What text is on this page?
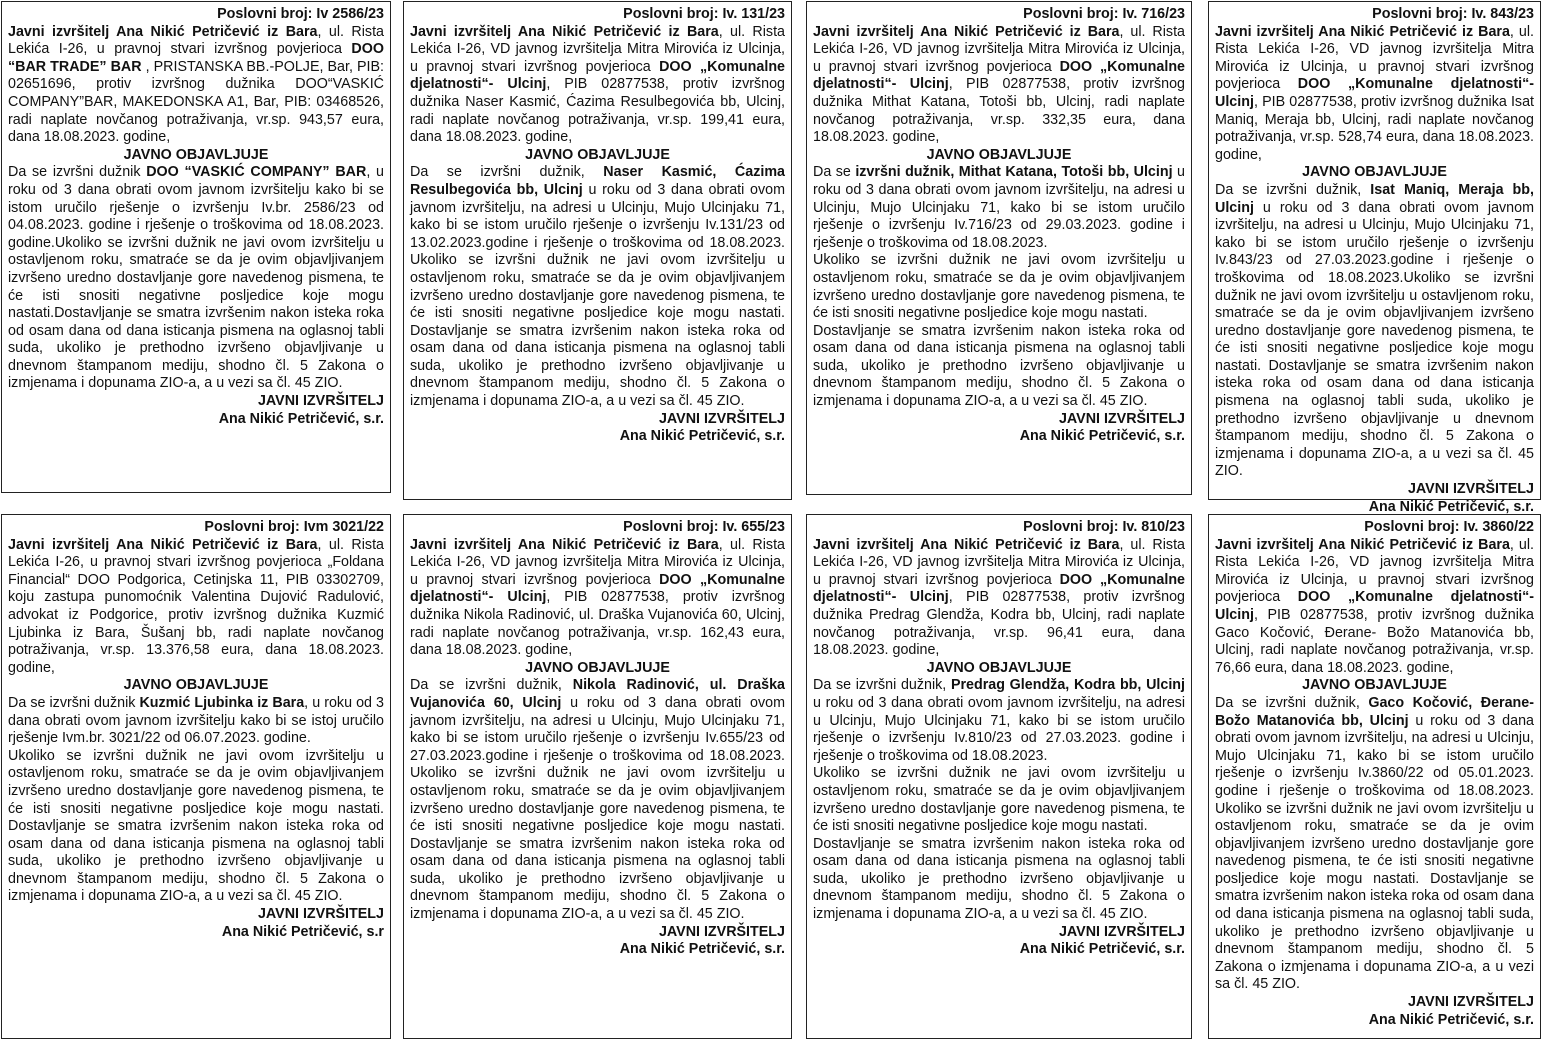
Poslovni broj: Iv 2586/23

Javni izvršitelj Ana Nikić Petričević iz Bara, ul. Rista Lekića I-26, u pravnoj stvari izvršnog povjerioca DOO “BAR TRADE” BAR , PRISTANSKA BB.-POLJE, Bar, PIB: 02651696, protiv izvršnog dužnika DOO“VASKIĆ COMPANY”BAR, MAKEDONSKA A1, Bar, PIB: 03468526, radi naplate novčanog potraživanja, vr.sp. 943,57 eura, dana 18.08.2023. godine,

JAVNO OBJAVLJUJE

Da se izvršni dužnik DOO “VASKIĆ COMPANY” BAR, u roku od 3 dana obrati ovom javnom izvršitelju kako bi se istom uručilo rješenje o izvršenju Iv.br. 2586/23 od 04.08.2023. godine i rješenje o troškovima od 18.08.2023. godine.Ukoliko se izvršni dužnik ne javi ovom izvršitelju u ostavljenom roku, smatraće se da je ovim objavljivanjem izvršeno uredno dostavljanje gore navedenog pismena, te će isti snositi negativne posljedice koje mogu nastati.Dostavljanje se smatra izvršenim nakon isteka roka od osam dana od dana isticanja pismena na oglasnoj tabli suda, ukoliko je prethodno izvršeno objavljivanje u dnevnom štampanom mediju, shodno čl. 5 Zakona o izmjenama i dopunama ZIO-a, a u vezi sa čl. 45 ZIO.

JAVNI IZVRŠITELJ

Ana Nikić Petričević, s.r.

Poslovni broj: Iv. 131/23

Javni izvršitelj Ana Nikić Petričević iz Bara, ul. Rista Lekića I-26, VD javnog izvršitelja Mitra Mirovića iz Ulcinja, u pravnoj stvari izvršnog povjerioca DOO „Komunalne djelatnosti“- Ulcinj, PIB 02877538, protiv izvršnog dužnika Naser Kasmić, Ćazima Resulbegovića bb, Ulcinj, radi naplate novčanog potraživanja, vr.sp. 199,41 eura, dana 18.08.2023. godine,

JAVNO OBJAVLJUJE

Da se izvršni dužnik, Naser Kasmić, Ćazima Resulbegovića bb, Ulcinj u roku od 3 dana obrati ovom javnom izvršitelju, na adresi u Ulcinju, Mujo Ulcinjaku 71, kako bi se istom uručilo rješenje o izvršenju Iv.131/23 od 13.02.2023.godine i rješenje o troškovima od 18.08.2023. Ukoliko se izvršni dužnik ne javi ovom izvršitelju u ostavljenom roku, smatraće se da je ovim objavljivanjem izvršeno uredno dostavljanje gore navedenog pismena, te će isti snositi negativne posljedice koje mogu nastati. Dostavljanje se smatra izvršenim nakon isteka roka od osam dana od dana isticanja pismena na oglasnoj tabli suda, ukoliko je prethodno izvršeno objavljivanje u dnevnom štampanom mediju, shodno čl. 5 Zakona o izmjenama i dopunama ZIO-a, a u vezi sa čl. 45 ZIO.

JAVNI IZVRŠITELJ

Ana Nikić Petričević, s.r.

Poslovni broj: Iv. 716/23

Javni izvršitelj Ana Nikić Petričević iz Bara, ul. Rista Lekića I-26, VD javnog izvršitelja Mitra Mirovića iz Ulcinja, u pravnoj stvari izvršnog povjerioca DOO „Komunalne djelatnosti“- Ulcinj, PIB 02877538, protiv izvršnog dužnika Mithat Katana, Totoši bb, Ulcinj, radi naplate novčanog potraživanja, vr.sp. 332,35 eura, dana 18.08.2023. godine,

JAVNO OBJAVLJUJE

Da se izvršni dužnik, Mithat Katana, Totoši bb, Ulcinj u roku od 3 dana obrati ovom javnom izvršitelju, na adresi u Ulcinju, Mujo Ulcinjaku 71, kako bi se istom uručilo rješenje o izvršenju Iv.716/23 od 29.03.2023. godine i rješenje o troškovima od 18.08.2023.

Ukoliko se izvršni dužnik ne javi ovom izvršitelju u ostavljenom roku, smatraće se da je ovim objavljivanjem izvršeno uredno dostavljanje gore navedenog pismena, te će isti snositi negativne posljedice koje mogu nastati.

Dostavljanje se smatra izvršenim nakon isteka roka od osam dana od dana isticanja pismena na oglasnoj tabli suda, ukoliko je prethodno izvršeno objavljivanje u dnevnom štampanom mediju, shodno čl. 5 Zakona o izmjenama i dopunama ZIO-a, a u vezi sa čl. 45 ZIO.

JAVNI IZVRŠITELJ

Ana Nikić Petričević, s.r.

Poslovni broj: Iv. 843/23

Javni izvršitelj Ana Nikić Petričević iz Bara, ul. Rista Lekića I-26, VD javnog izvršitelja Mitra Mirovića iz Ulcinja, u pravnoj stvari izvršnog povjerioca DOO „Komunalne djelatnosti“- Ulcinj, PIB 02877538, protiv izvršnog dužnika Isat Maniq, Meraja bb, Ulcinj, radi naplate novčanog potraživanja, vr.sp. 528,74 eura, dana 18.08.2023. godine,

JAVNO OBJAVLJUJE

Da se izvršni dužnik, Isat Maniq, Meraja bb, Ulcinj u roku od 3 dana obrati ovom javnom izvršitelju, na adresi u Ulcinju, Mujo Ulcinjaku 71, kako bi se istom uručilo rješenje o izvršenju Iv.843/23 od 27.03.2023.godine i rješenje o troškovima od 18.08.2023.Ukoliko se izvršni dužnik ne javi ovom izvršitelju u ostavljenom roku, smatraće se da je ovim objavljivanjem izvršeno uredno dostavljanje gore navedenog pismena, te će isti snositi negativne posljedice koje mogu nastati. Dostavljanje se smatra izvršenim nakon isteka roka od osam dana od dana isticanja pismena na oglasnoj tabli suda, ukoliko je prethodno izvršeno objavljivanje u dnevnom štampanom mediju, shodno čl. 5 Zakona o izmjenama i dopunama ZIO-a, a u vezi sa čl. 45 ZIO.

JAVNI IZVRŠITELJ

Ana Nikić Petričević, s.r.

Poslovni broj: Ivm 3021/22

Javni izvršitelj Ana Nikić Petričević iz Bara, ul. Rista Lekića I-26, u pravnoj stvari izvršnog povjerioca „Foldana Financial“ DOO Podgorica, Cetinjska 11, PIB 03302709, koju zastupa punomoćnik Valentina Dujović Radulović, advokat iz Podgorice, protiv izvršnog dužnika Kuzmić Ljubinka iz Bara, Šušanj bb, radi naplate novčanog potraživanja, vr.sp. 13.376,58 eura, dana 18.08.2023. godine,

JAVNO OBJAVLJUJE

Da se izvršni dužnik Kuzmić Ljubinka iz Bara, u roku od 3 dana obrati ovom javnom izvršitelju kako bi se istoj uručilo rješenje Ivm.br. 3021/22 od 06.07.2023. godine.

Ukoliko se izvršni dužnik ne javi ovom izvršitelju u ostavljenom roku, smatraće se da je ovim objavljivanjem izvršeno uredno dostavljanje gore navedenog pismena, te će isti snositi negativne posljedice koje mogu nastati. Dostavljanje se smatra izvršenim nakon isteka roka od osam dana od dana isticanja pismena na oglasnoj tabli suda, ukoliko je prethodno izvršeno objavljivanje u dnevnom štampanom mediju, shodno čl. 5 Zakona o izmjenama i dopunama ZIO-a, a u vezi sa čl. 45 ZIO.

JAVNI IZVRŠITELJ

Ana Nikić Petričević, s.r

Poslovni broj: Iv. 655/23

Javni izvršitelj Ana Nikić Petričević iz Bara, ul. Rista Lekića I-26, VD javnog izvršitelja Mitra Mirovića iz Ulcinja, u pravnoj stvari izvršnog povjerioca DOO „Komunalne djelatnosti“- Ulcinj, PIB 02877538, protiv izvršnog dužnika Nikola Radinović, ul. Draška Vujanovića 60, Ulcinj, radi naplate novčanog potraživanja, vr.sp. 162,43 eura, dana 18.08.2023. godine,

JAVNO OBJAVLJUJE

Da se izvršni dužnik, Nikola Radinović, ul. Draška Vujanovića 60, Ulcinj u roku od 3 dana obrati ovom javnom izvršitelju, na adresi u Ulcinju, Mujo Ulcinjaku 71, kako bi se istom uručilo rješenje o izvršenju Iv.655/23 od 27.03.2023.godine i rješenje o troškovima od 18.08.2023. Ukoliko se izvršni dužnik ne javi ovom izvršitelju u ostavljenom roku, smatraće se da je ovim objavljivanjem izvršeno uredno dostavljanje gore navedenog pismena, te će isti snositi negativne posljedice koje mogu nastati. Dostavljanje se smatra izvršenim nakon isteka roka od osam dana od dana isticanja pismena na oglasnoj tabli suda, ukoliko je prethodno izvršeno objavljivanje u dnevnom štampanom mediju, shodno čl. 5 Zakona o izmjenama i dopunama ZIO-a, a u vezi sa čl. 45 ZIO.

JAVNI IZVRŠITELJ

Ana Nikić Petričević, s.r.

Poslovni broj: Iv. 810/23

Javni izvršitelj Ana Nikić Petričević iz Bara, ul. Rista Lekića I-26, VD javnog izvršitelja Mitra Mirovića iz Ulcinja, u pravnoj stvari izvršnog povjerioca DOO „Komunalne djelatnosti“- Ulcinj, PIB 02877538, protiv izvršnog dužnika Predrag Glendža, Kodra bb, Ulcinj, radi naplate novčanog potraživanja, vr.sp. 96,41 eura, dana 18.08.2023. godine,

JAVNO OBJAVLJUJE

Da se izvršni dužnik, Predrag Glendža, Kodra bb, Ulcinj u roku od 3 dana obrati ovom javnom izvršitelju, na adresi u Ulcinju, Mujo Ulcinjaku 71, kako bi se istom uručilo rješenje o izvršenju Iv.810/23 od 27.03.2023. godine i rješenje o troškovima od 18.08.2023.

Ukoliko se izvršni dužnik ne javi ovom izvršitelju u ostavljenom roku, smatraće se da je ovim objavljivanjem izvršeno uredno dostavljanje gore navedenog pismena, te će isti snositi negativne posljedice koje mogu nastati.

Dostavljanje se smatra izvršenim nakon isteka roka od osam dana od dana isticanja pismena na oglasnoj tabli suda, ukoliko je prethodno izvršeno objavljivanje u dnevnom štampanom mediju, shodno čl. 5 Zakona o izmjenama i dopunama ZIO-a, a u vezi sa čl. 45 ZIO.

JAVNI IZVRŠITELJ

Ana Nikić Petričević, s.r.

Poslovni broj: Iv. 3860/22

Javni izvršitelj Ana Nikić Petričević iz Bara, ul. Rista Lekića I-26, VD javnog izvršitelja Mitra Mirovića iz Ulcinja, u pravnoj stvari izvršnog povjerioca DOO „Komunalne djelatnosti“- Ulcinj, PIB 02877538, protiv izvršnog dužnika Gaco Kočović, Đerane- Božo Matanovića bb, Ulcinj, radi naplate novčanog potraživanja, vr.sp. 76,66 eura, dana 18.08.2023. godine,

JAVNO OBJAVLJUJE

Da se izvršni dužnik, Gaco Kočović, Đerane-Božo Matanovića bb, Ulcinj u roku od 3 dana obrati ovom javnom izvršitelju, na adresi u Ulcinju, Mujo Ulcinjaku 71, kako bi se istom uručilo rješenje o izvršenju Iv.3860/22 od 05.01.2023. godine i rješenje o troškovima od 18.08.2023. Ukoliko se izvršni dužnik ne javi ovom izvršitelju u ostavljenom roku, smatraće se da je ovim objavljivanjem izvršeno uredno dostavljanje gore navedenog pismena, te će isti snositi negativne posljedice koje mogu nastati. Dostavljanje se smatra izvršenim nakon isteka roka od osam dana od dana isticanja pismena na oglasnoj tabli suda, ukoliko je prethodno izvršeno objavljivanje u dnevnom štampanom mediju, shodno čl. 5 Zakona o izmjenama i dopunama ZIO-a, a u vezi sa čl. 45 ZIO.

JAVNI IZVRŠITELJ

Ana Nikić Petričević, s.r.
